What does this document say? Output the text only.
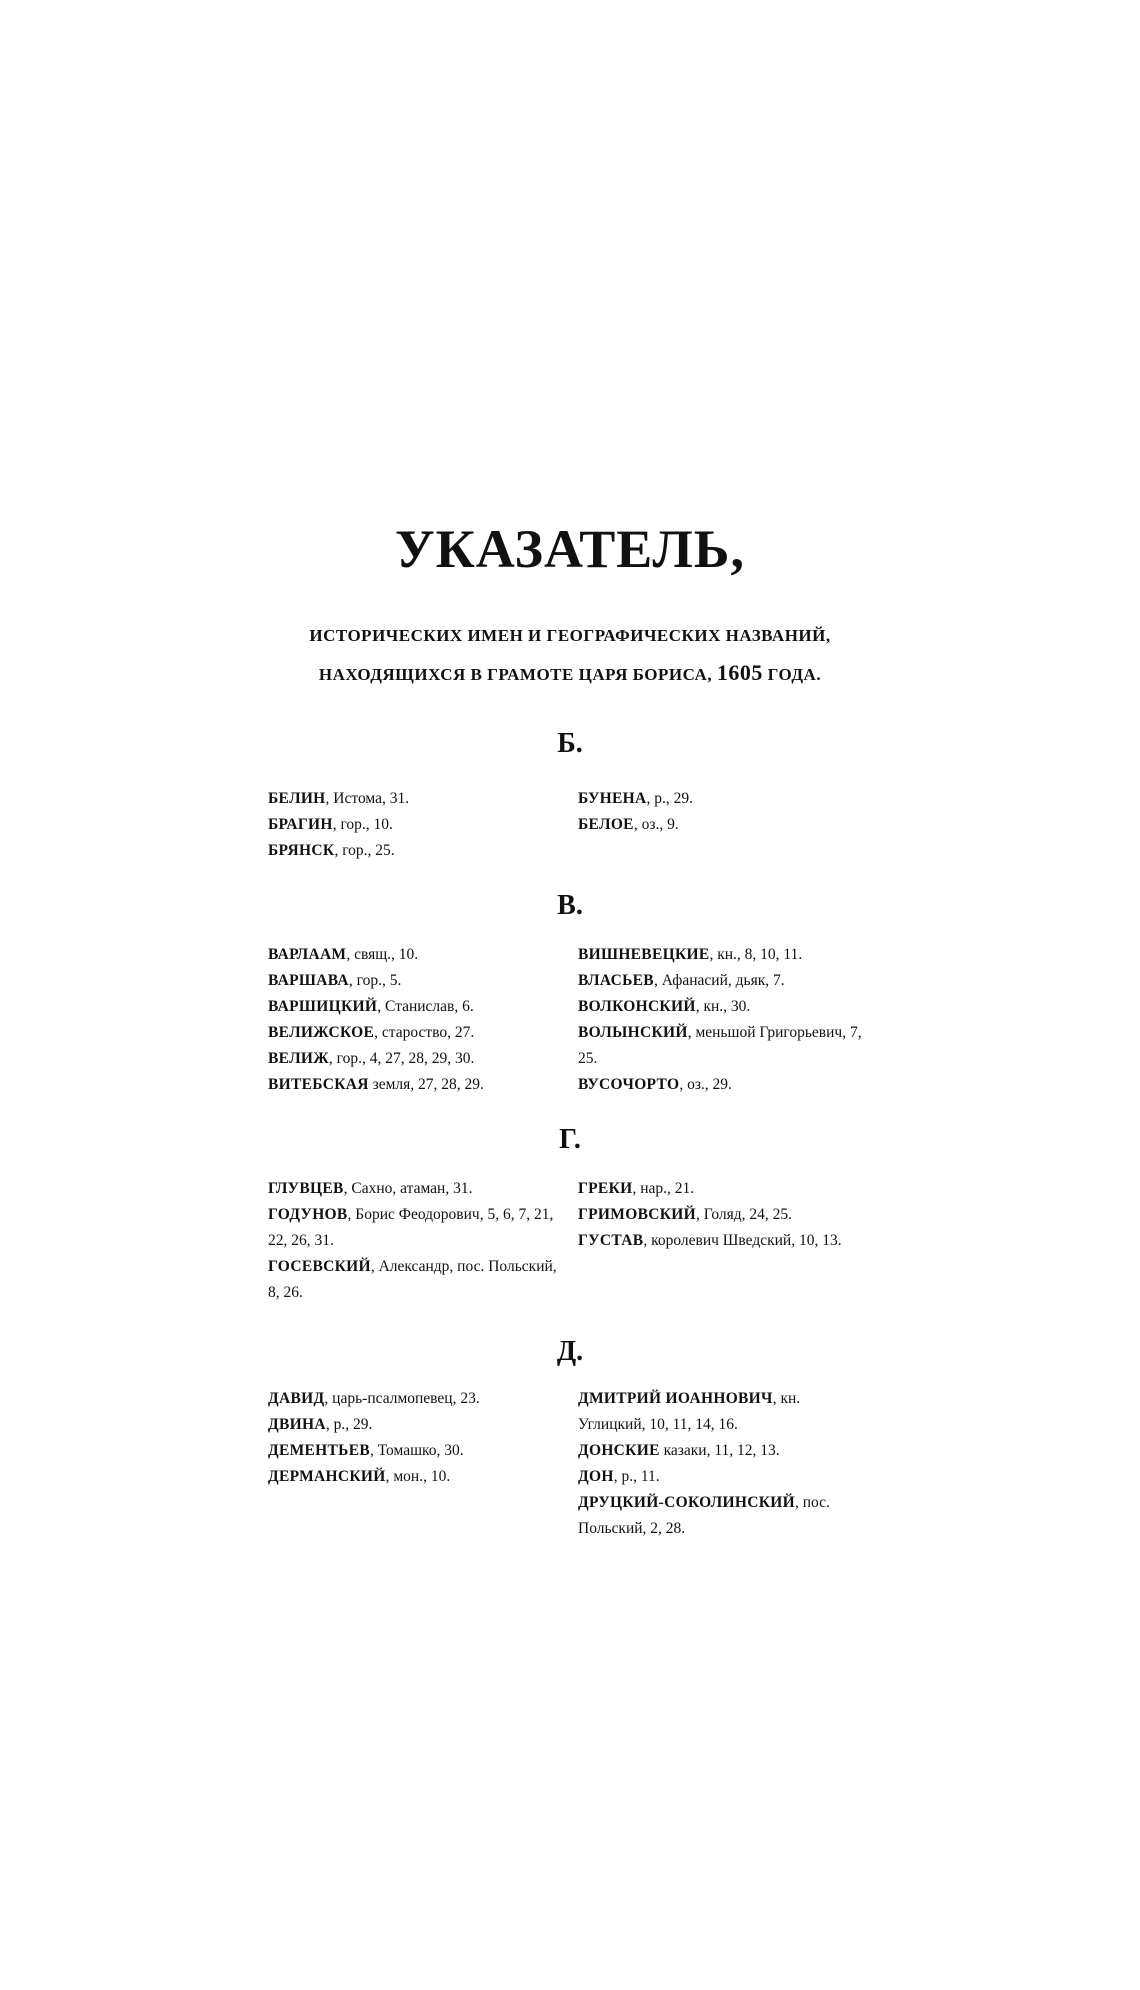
УКАЗАТЕЛЬ,
ИСТОРИЧЕСКИХ ИМЕН И ГЕОГРАФИЧЕСКИХ НАЗВАНИЙ,
НАХОДЯЩИХСЯ В ГРАМОТЕ ЦАРЯ БОРИСА, 1605 ГОДА.
Б.

БЕЛИН, Истома, 31.

БРАГИН, гор., 10.

БРЯНСК, гор., 25.

БУНЕНА, р., 29.

БЕЛОЕ, оз., 9.

В.

ВАРЛААМ, свящ., 10.

ВАРШАВА, гор., 5.

ВАРШИЦКИЙ, Станислав, 6.

ВЕЛИЖСКОЕ, староство, 27.

ВЕЛИЖ, гор., 4, 27, 28, 29, 30.

ВИТЕБСКАЯ земля, 27, 28, 29.

ВИШНЕВЕЦКИЕ, кн., 8, 10, 11.

ВЛАСЬЕВ, Афанасий, дьяк, 7.

ВОЛКОНСКИЙ, кн., 30.

ВОЛЫНСКИЙ, меньшой Григорьевич, 7, 25.

ВУСОЧОРТО, оз., 29.

Г.

ГЛУВЦЕВ, Сахно, атаман, 31.

ГОДУНОВ, Борис Феодорович, 5, 6, 7, 21, 22, 26, 31.

ГОСЕВСКИЙ, Александр, пос. Польский, 8, 26.

ГРЕКИ, нар., 21.

ГРИМОВСКИЙ, Голяд, 24, 25.

ГУСТАВ, королевич Шведский, 10, 13.

Д.

ДАВИД, царь-псалмопевец, 23.

ДВИНА, р., 29.

ДЕМЕНТЬЕВ, Томашко, 30.

ДЕРМАНСКИЙ, мон., 10.

ДМИТРИЙ ИОАННОВИЧ, кн. Углицкий, 10, 11, 14, 16.

ДОНСКИЕ казаки, 11, 12, 13.

ДОН, р., 11.

ДРУЦКИЙ-СОКОЛИНСКИЙ, пос. Польский, 2, 28.
